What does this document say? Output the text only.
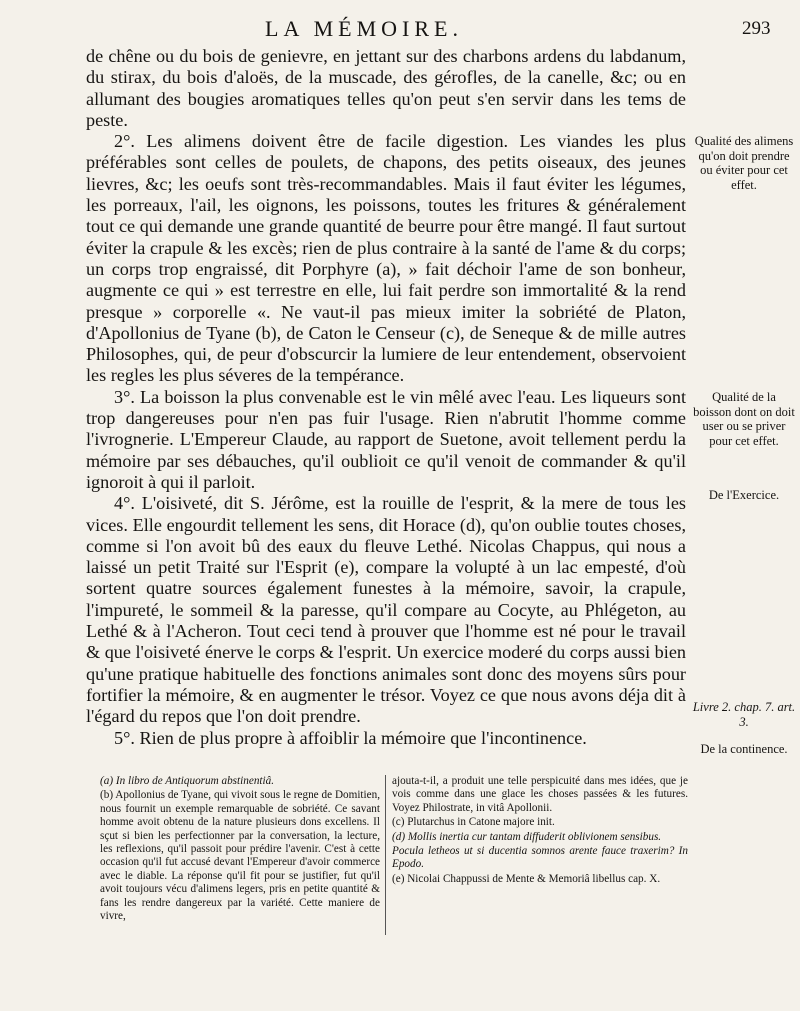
LA MÉMOIRE.	293

de chêne ou du bois de genievre, en jettant sur des charbons ardens du labdanum, du stirax, du bois d'aloës, de la muscade, des gérofles, de la canelle, &c; ou en allumant des bougies aromatiques telles qu'on peut s'en servir dans les tems de peste.

2°. Les alimens doivent être de facile digestion. Les viandes les plus préférables sont celles de poulets, de chapons, des petits oiseaux, des jeunes lievres, &c; les oeufs sont très-recommandables. Mais il faut éviter les légumes, les porreaux, l'ail, les oignons, les poissons, toutes les fritures & généralement tout ce qui demande une grande quantité de beurre pour être mangé. Il faut surtout éviter la crapule & les excès; rien de plus contraire à la santé de l'ame & du corps; un corps trop engraissé, dit Porphyre (a), » fait déchoir l'ame de son bonheur, augmente ce qui » est terrestre en elle, lui fait perdre son immortalité & la rend presque » corporelle «. Ne vaut-il pas mieux imiter la sobriété de Platon, d'Apollonius de Tyane (b), de Caton le Censeur (c), de Seneque & de mille autres Philosophes, qui, de peur d'obscurcir la lumiere de leur entendement, observoient les regles les plus séveres de la tempérance.

3°. La boisson la plus convenable est le vin mêlé avec l'eau. Les liqueurs sont trop dangereuses pour n'en pas fuir l'usage. Rien n'abrutit l'homme comme l'ivrognerie. L'Empereur Claude, au rapport de Suetone, avoit tellement perdu la mémoire par ses débauches, qu'il oublioit ce qu'il venoit de commander & qu'il ignoroit à qui il parloit.

4°. L'oisiveté, dit S. Jérôme, est la rouille de l'esprit, & la mere de tous les vices. Elle engourdit tellement les sens, dit Horace (d), qu'on oublie toutes choses, comme si l'on avoit bû des eaux du fleuve Lethé. Nicolas Chappus, qui nous a laissé un petit Traité sur l'Esprit (e), compare la volupté à un lac empesté, d'où sortent quatre sources également funestes à la mémoire, savoir, la crapule, l'impureté, le sommeil & la paresse, qu'il compare au Cocyte, au Phlégeton, au Lethé & à l'Acheron. Tout ceci tend à prouver que l'homme est né pour le travail & que l'oisiveté énerve le corps & l'esprit. Un exercice moderé du corps aussi bien qu'une pratique habituelle des fonctions animales sont donc des moyens sûrs pour fortifier la mémoire, & en augmenter le trésor. Voyez ce que nous avons déja dit à l'égard du repos que l'on doit prendre.

5°. Rien de plus propre à affoiblir la mémoire que l'incontinence.

Qualité des alimens qu'on doit prendre ou éviter pour cet effet.
Qualité de la boisson dont on doit user ou se priver pour cet effet.
De l'Exercice.
Livre 2. chap. 7. art. 3.
De la continence.

(a) In libro de Antiquorum abstinentiâ.

(b) Apollonius de Tyane, qui vivoit sous le regne de Domitien, nous fournit un exemple remarquable de sobriété. Ce savant homme avoit obtenu de la nature plusieurs dons excellens. Il sçut si bien les perfectionner par la conversation, la lecture, les reflexions, qu'il passoit pour prédire l'avenir. C'est à cette occasion qu'il fut accusé devant l'Empereur d'avoir commerce avec le diable. La réponse qu'il fit pour se justifier, fut qu'il avoit toujours vécu d'alimens legers, pris en petite quantité & fans les rendre dangereux par la variété. Cette maniere de vivre,

ajouta-t-il, a produit une telle perspicuité dans mes idées, que je vois comme dans une glace les choses passées & les futures. Voyez Philostrate, in vitâ Apollonii.

(c) Plutarchus in Catone majore init.

(d) Mollis inertia cur tantam diffuderit oblivionem sensibus.

Pocula letheos ut si ducentia somnos arente fauce traxerim? In Epodo.

(e) Nicolai Chappussi de Mente & Memoriâ libellus cap. X.
